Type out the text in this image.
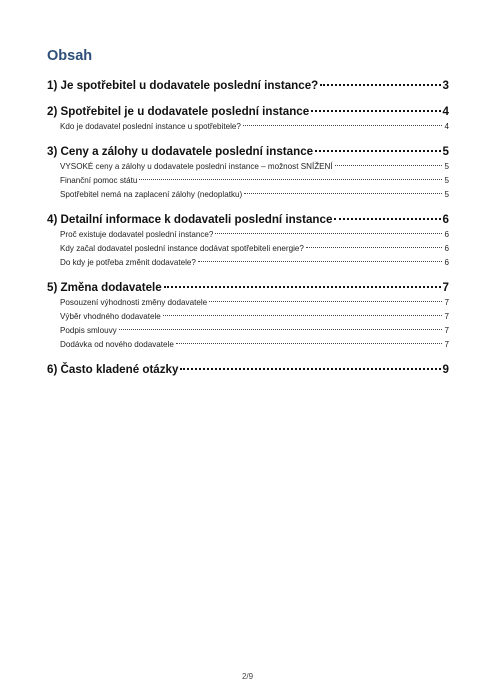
Obsah
1) Je spotřebitel u dodavatele poslední instance?	3
2) Spotřebitel je u dodavatele poslední instance	4
Kdo je dodavatel poslední instance u spotřebitele?	4
3) Ceny a zálohy u dodavatele poslední instance	5
VYSOKÉ ceny a zálohy u dodavatele poslední instance – možnost SNÍŽENÍ	5
Finanční pomoc státu	5
Spotřebitel nemá na zaplacení zálohy (nedoplatku)	5
4) Detailní informace k dodavateli poslední instance	6
Proč existuje dodavatel poslední instance?	6
Kdy začal dodavatel poslední instance dodávat spotřebiteli energie?	6
Do kdy je potřeba změnit dodavatele?	6
5) Změna dodavatele	7
Posouzení výhodnosti změny dodavatele	7
Výběr vhodného dodavatele	7
Podpis smlouvy	7
Dodávka od nového dodavatele	7
6) Často kladené otázky	9
2/9
